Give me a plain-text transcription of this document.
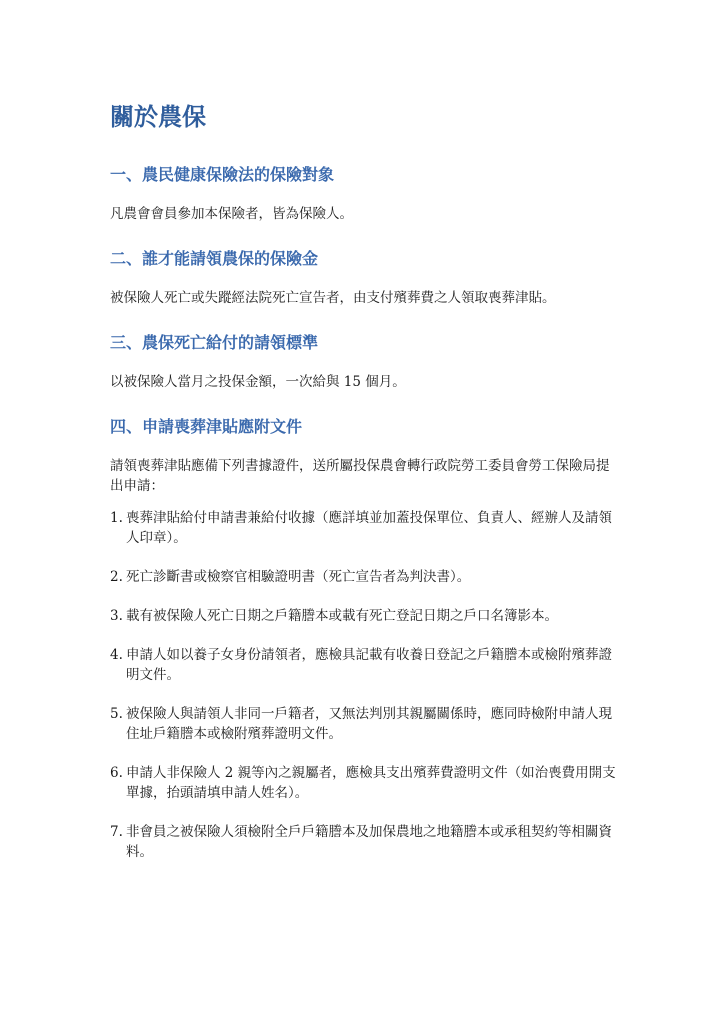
關於農保
一、農民健康保險法的保險對象

凡農會會員參加本保險者，皆為保險人。

二、誰才能請領農保的保險金

被保險人死亡或失蹤經法院死亡宣告者，由支付殯葬費之人領取喪葬津貼。

三、農保死亡給付的請領標準

以被保險人當月之投保金額，一次給與 15 個月。

四、申請喪葬津貼應附文件

請領喪葬津貼應備下列書據證件，送所屬投保農會轉行政院勞工委員會勞工保險局提出申請：

1. 喪葬津貼給付申請書兼給付收據（應詳填並加蓋投保單位、負責人、經辦人及請領人印章）。
2. 死亡診斷書或檢察官相驗證明書（死亡宣告者為判決書）。
3. 載有被保險人死亡日期之戶籍謄本或載有死亡登記日期之戶口名簿影本。
4. 申請人如以養子女身份請領者，應檢具記載有收養日登記之戶籍謄本或檢附殯葬證明文件。
5. 被保險人與請領人非同一戶籍者，又無法判別其親屬關係時，應同時檢附申請人現住址戶籍謄本或檢附殯葬證明文件。
6. 申請人非保險人 2 親等內之親屬者，應檢具支出殯葬費證明文件（如治喪費用開支單據，抬頭請填申請人姓名）。
7. 非會員之被保險人須檢附全戶戶籍謄本及加保農地之地籍謄本或承租契約等相關資料。
